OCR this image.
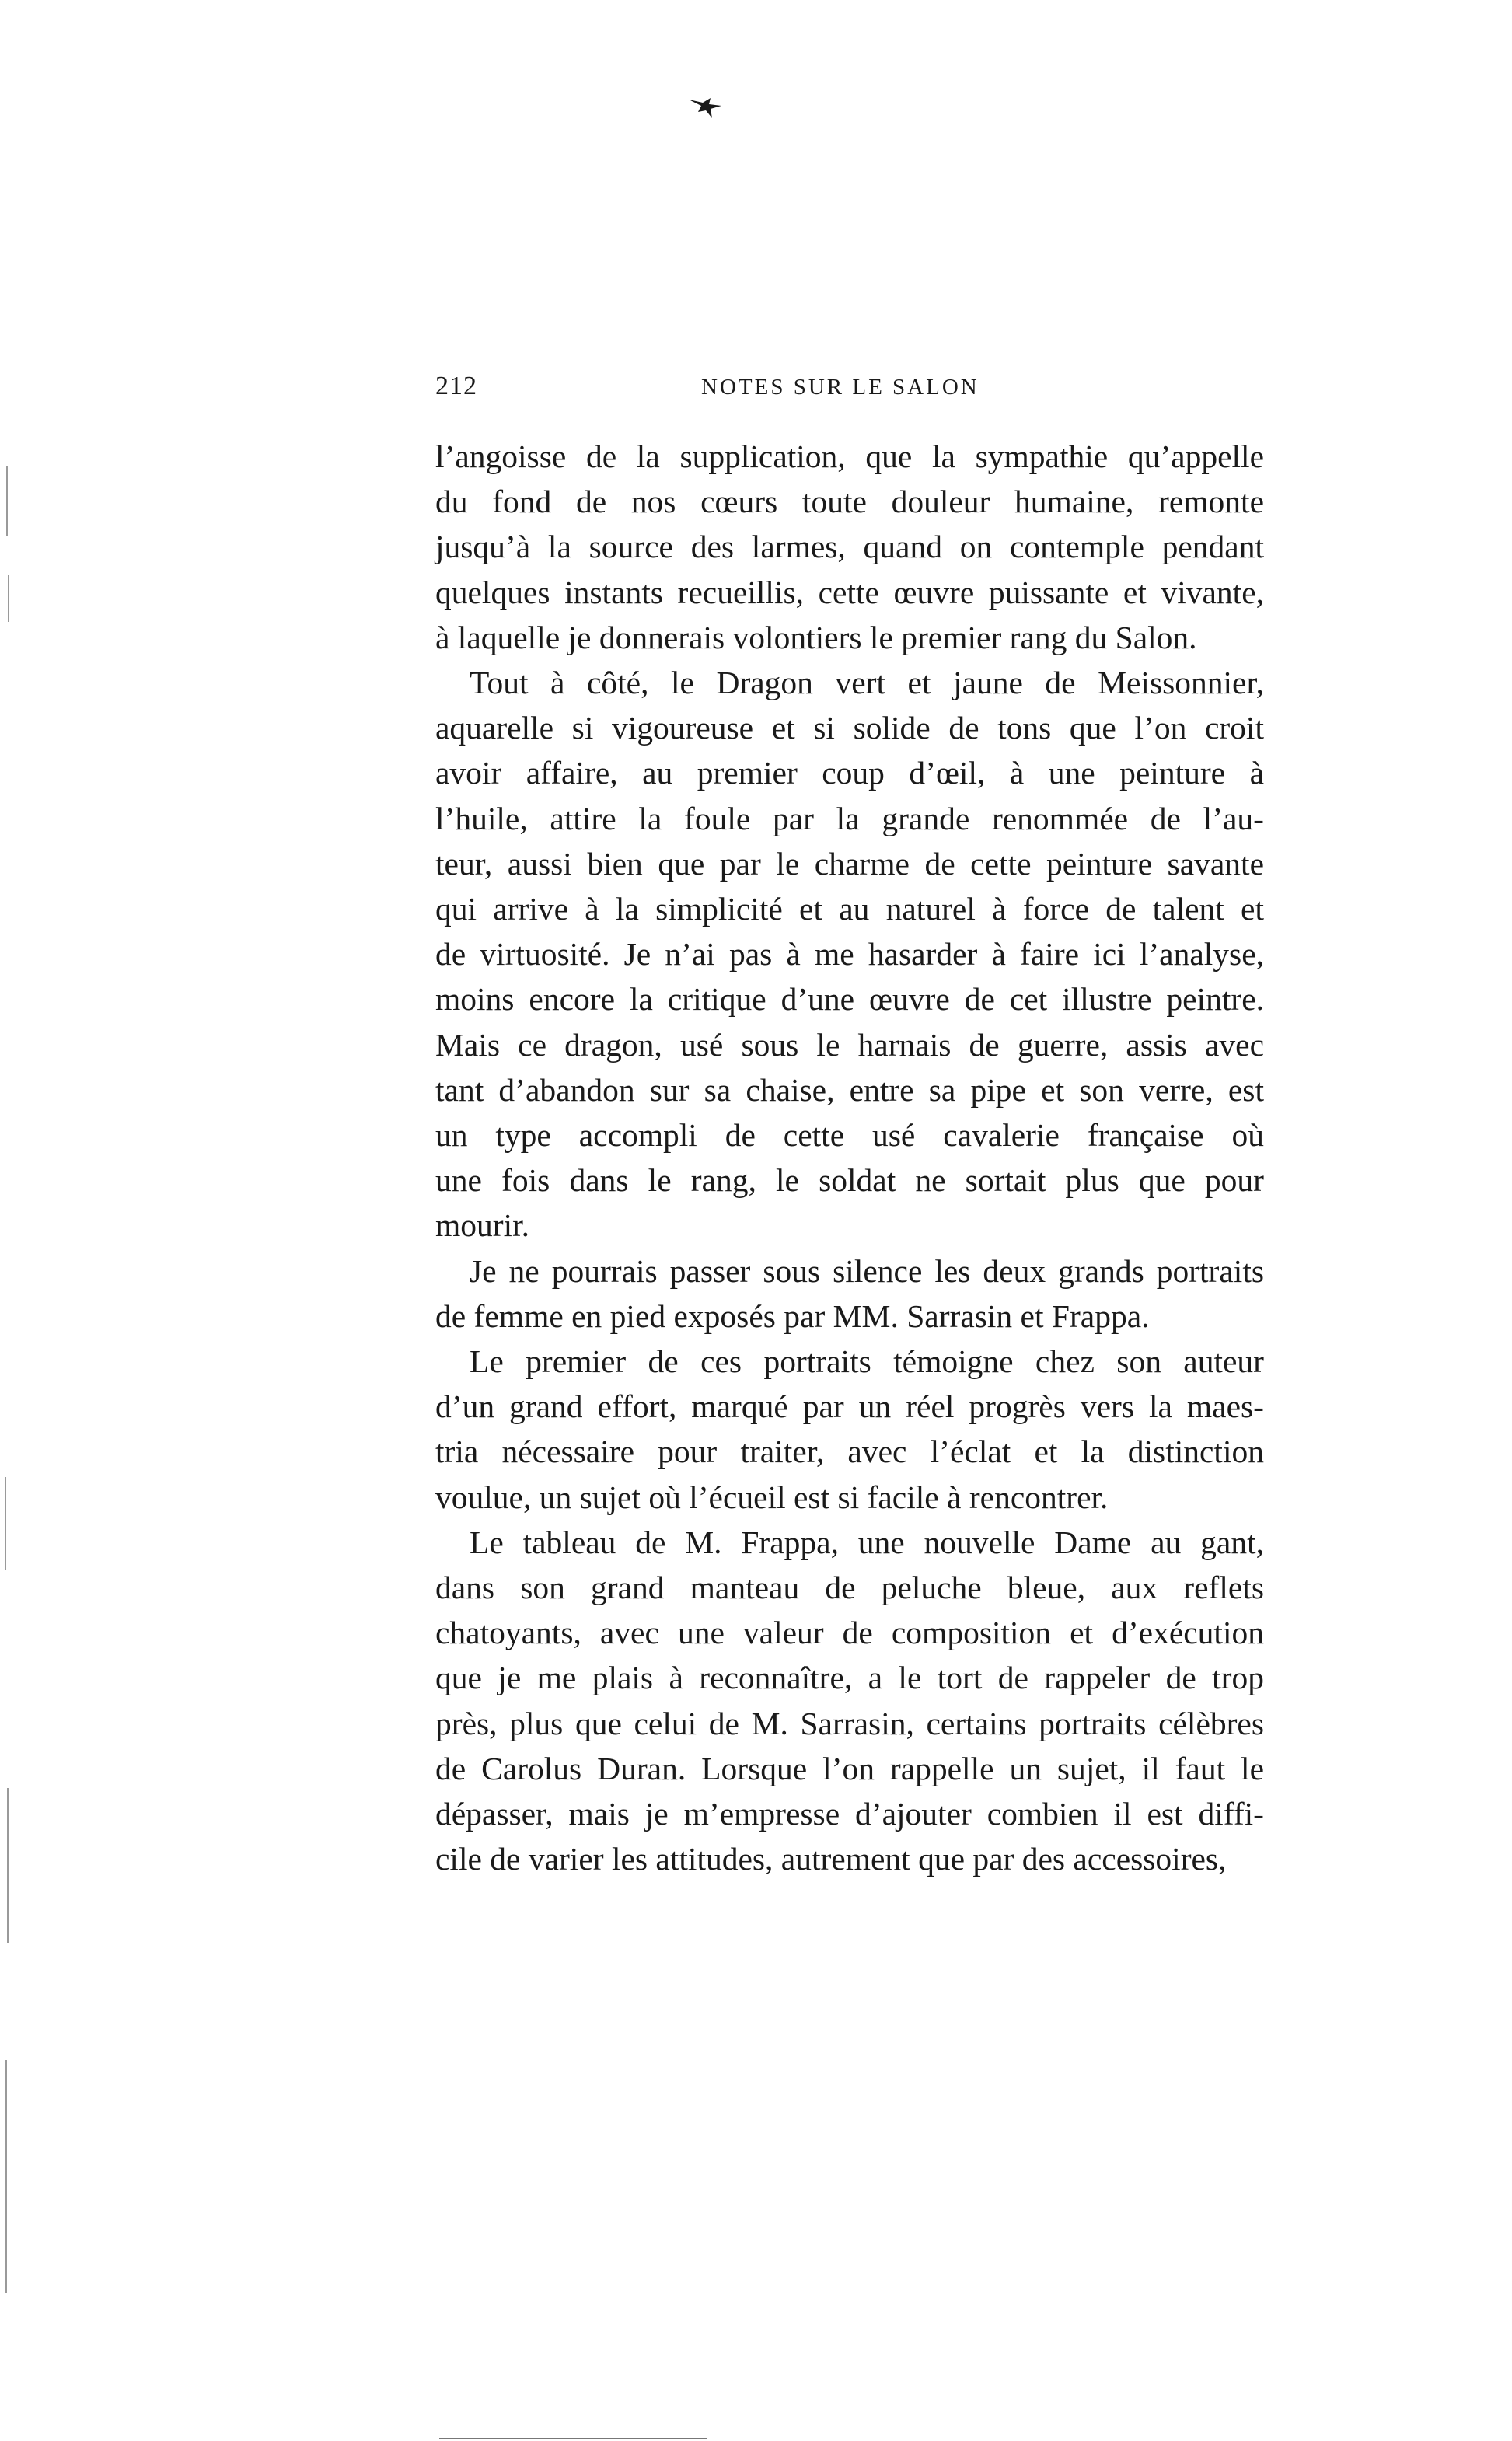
212	NOTES SUR LE SALON
l’angoisse de la supplication, que la sympathie qu’appelle
du fond de nos cœurs toute douleur humaine, remonte
jusqu’à la source des larmes, quand on contemple pendant
quelques instants recueillis, cette œuvre puissante et vivante,
à laquelle je donnerais volontiers le premier rang du Salon.
Tout à côté, le Dragon vert et jaune de Meissonnier,
aquarelle si vigoureuse et si solide de tons que l’on croit
avoir affaire, au premier coup d’œil, à une peinture à
l’huile, attire la foule par la grande renommée de l’au-
teur, aussi bien que par le charme de cette peinture savante
qui arrive à la simplicité et au naturel à force de talent et
de virtuosité. Je n’ai pas à me hasarder à faire ici l’analyse,
moins encore la critique d’une œuvre de cet illustre peintre.
Mais ce dragon, usé sous le harnais de guerre, assis avec
tant d’abandon sur sa chaise, entre sa pipe et son verre, est
un type accompli de cette usé cavalerie française où
une fois dans le rang, le soldat ne sortait plus que pour
mourir.
Je ne pourrais passer sous silence les deux grands portraits
de femme en pied exposés par MM. Sarrasin et Frappa.
Le premier de ces portraits témoigne chez son auteur
d’un grand effort, marqué par un réel progrès vers la maes-
tria nécessaire pour traiter, avec l’éclat et la distinction
voulue, un sujet où l’écueil est si facile à rencontrer.
Le tableau de M. Frappa, une nouvelle Dame au gant,
dans son grand manteau de peluche bleue, aux reflets
chatoyants, avec une valeur de composition et d’exécution
que je me plais à reconnaître, a le tort de rappeler de trop
près, plus que celui de M. Sarrasin, certains portraits célèbres
de Carolus Duran. Lorsque l’on rappelle un sujet, il faut le
dépasser, mais je m’empresse d’ajouter combien il est diffi-
cile de varier les attitudes, autrement que par des accessoires,
